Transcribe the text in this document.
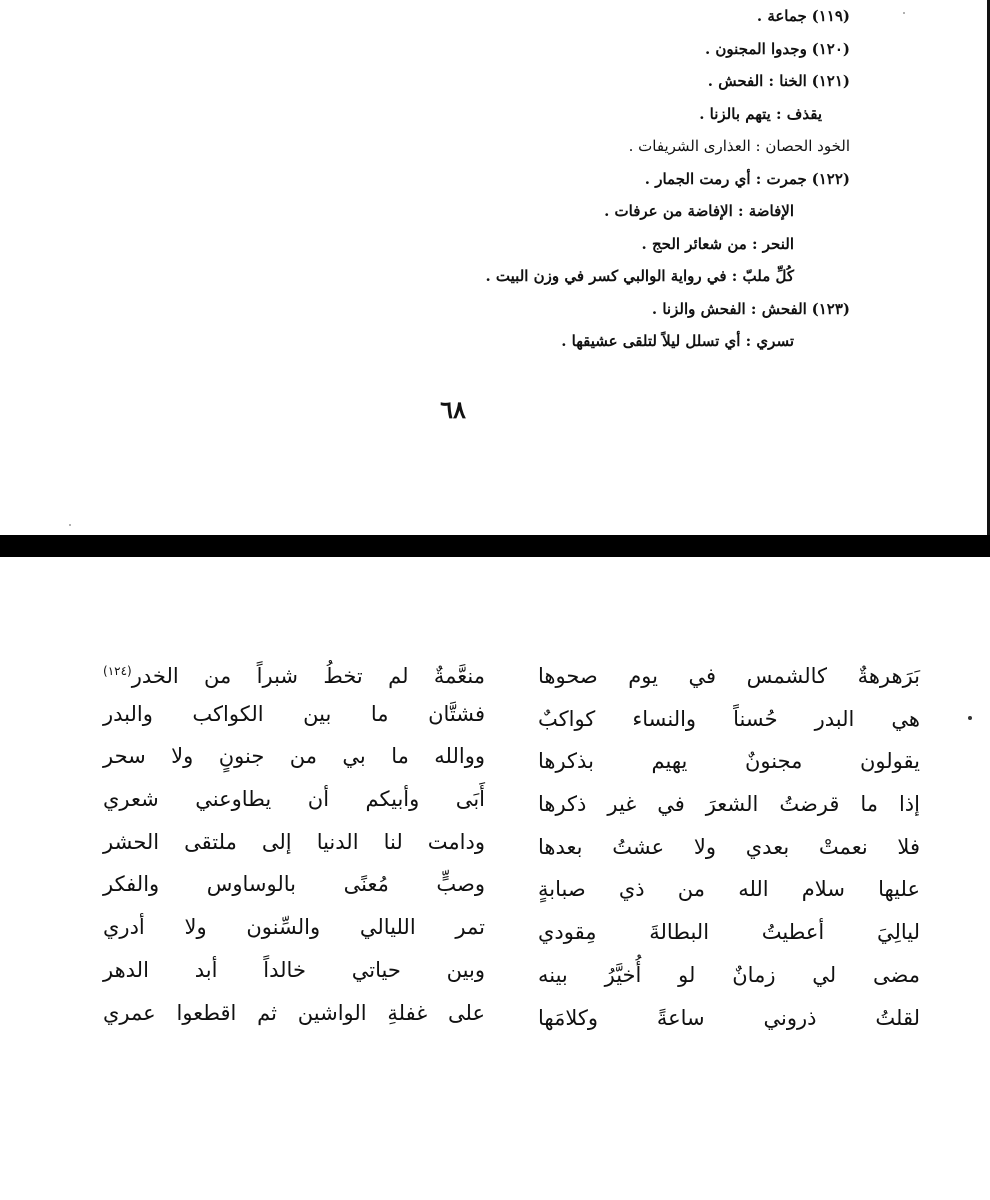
(١١٩) جماعة .
(١٢٠) وجدوا المجنون .
(١٢١) الخنا : الفحش .
يقذف : يتهم بالزنا .
الخود الحصان : العذارى الشريفات .
(١٢٢) جمرت : أي رمت الجمار .
الإفاضة : الإفاضة من عرفات .
النحر : من شعائر الحج .
كُلِّ ملبّ : في رواية الوالبي كسر في وزن البيت .
(١٢٣) الفحش : الفحش والزنا .
تسري : أي تسلل ليلاً لتلقى عشيقها .
٦٨
بَرَهرهةٌ كالشمس في يوم صحوها
هي البدر حُسناً والنساء كواكبٌ
يقولون مجنونٌ يهيم بذكرها
إذا ما قرضتُ الشعرَ في غير ذكرها
فلا نعمتْ بعدي ولا عشتُ بعدها
عليها سلام الله من ذي صبابةٍ
ليالِيَ أعطيتُ البطالةَ مِقودي
مضى لي زمانٌ لو أُخيَّرُ بينه
لقلتُ ذروني ساعةً وكلامَها
منعَّمةٌ لم تخطُ شبراً من الخدر$^{(١٢٤)}$
فشتَّان ما بين الكواكب والبدر
ووالله ما بي من جنونٍ ولا سحر
أَبَى وأبيكم أن يطاوعني شعري
ودامت لنا الدنيا إلى ملتقى الحشر
وصبٍّ مُعنًى بالوساوس والفكر
تمر الليالي والسِّنون ولا أدري
وبين حياتي خالداً أبد الدهر
على غفلةِ الواشين ثم اقطعوا عمري
